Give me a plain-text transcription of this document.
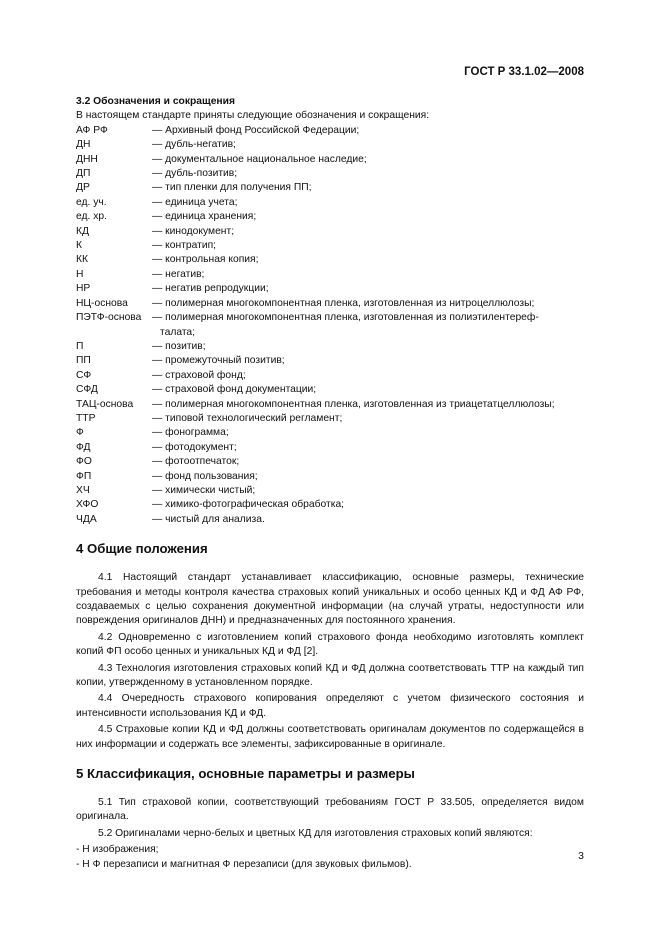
ГОСТ Р 33.1.02—2008
3.2 Обозначения и сокращения
В настоящем стандарте приняты следующие обозначения и сокращения:
АФ РФ	— Архивный фонд Российской Федерации;
ДН	— дубль-негатив;
ДНН	— документальное национальное наследие;
ДП	— дубль-позитив;
ДР	— тип пленки для получения ПП;
ед. уч.	— единица учета;
ед. хр.	— единица хранения;
КД	— кинодокумент;
К	— контратип;
КК	— контрольная копия;
Н	— негатив;
НР	— негатив репродукции;
НЦ-основа	— полимерная многокомпонентная пленка, изготовленная из нитроцеллюлозы;
ПЭТФ-основа	— полимерная многокомпонентная пленка, изготовленная из полиэтилентереф-
талата;
П	— позитив;
ПП	— промежуточный позитив;
СФ	— страховой фонд;
СФД	— страховой фонд документации;
ТАЦ-основа	— полимерная многокомпонентная пленка, изготовленная из триацетатцеллюлозы;
ТТР	— типовой технологический регламент;
Ф	— фонограмма;
ФД	— фотодокумент;
ФО	— фотоотпечаток;
ФП	— фонд пользования;
ХЧ	— химически чистый;
ХФО	— химико-фотографическая обработка;
ЧДА	— чистый для анализа.
4 Общие положения

4.1 Настоящий стандарт устанавливает классификацию, основные размеры, технические требования и методы контроля качества страховых копий уникальных и особо ценных КД и ФД АФ РФ, создаваемых с целью сохранения документной информации (на случай утраты, недоступности или повреждения оригиналов ДНН) и предназначенных для постоянного хранения.

4.2 Одновременно с изготовлением копий страхового фонда необходимо изготовлять комплект копий ФП особо ценных и уникальных КД и ФД [2].

4.3 Технология изготовления страховых копий КД и ФД должна соответствовать ТТР на каждый тип копии, утвержденному в установленном порядке.

4.4 Очередность страхового копирования определяют с учетом физического состояния и интенсивности использования КД и ФД.

4.5 Страховые копии КД и ФД должны соответствовать оригиналам документов по содержащейся в них информации и содержать все элементы, зафиксированные в оригинале.

5 Классификация, основные параметры и размеры

5.1 Тип страховой копии, соответствующий требованиям ГОСТ Р 33.505, определяется видом оригинала.

5.2 Оригиналами черно-белых и цветных КД для изготовления страховых копий являются:

- Н изображения;

- Н Ф перезаписи и магнитная Ф перезаписи (для звуковых фильмов).

3
